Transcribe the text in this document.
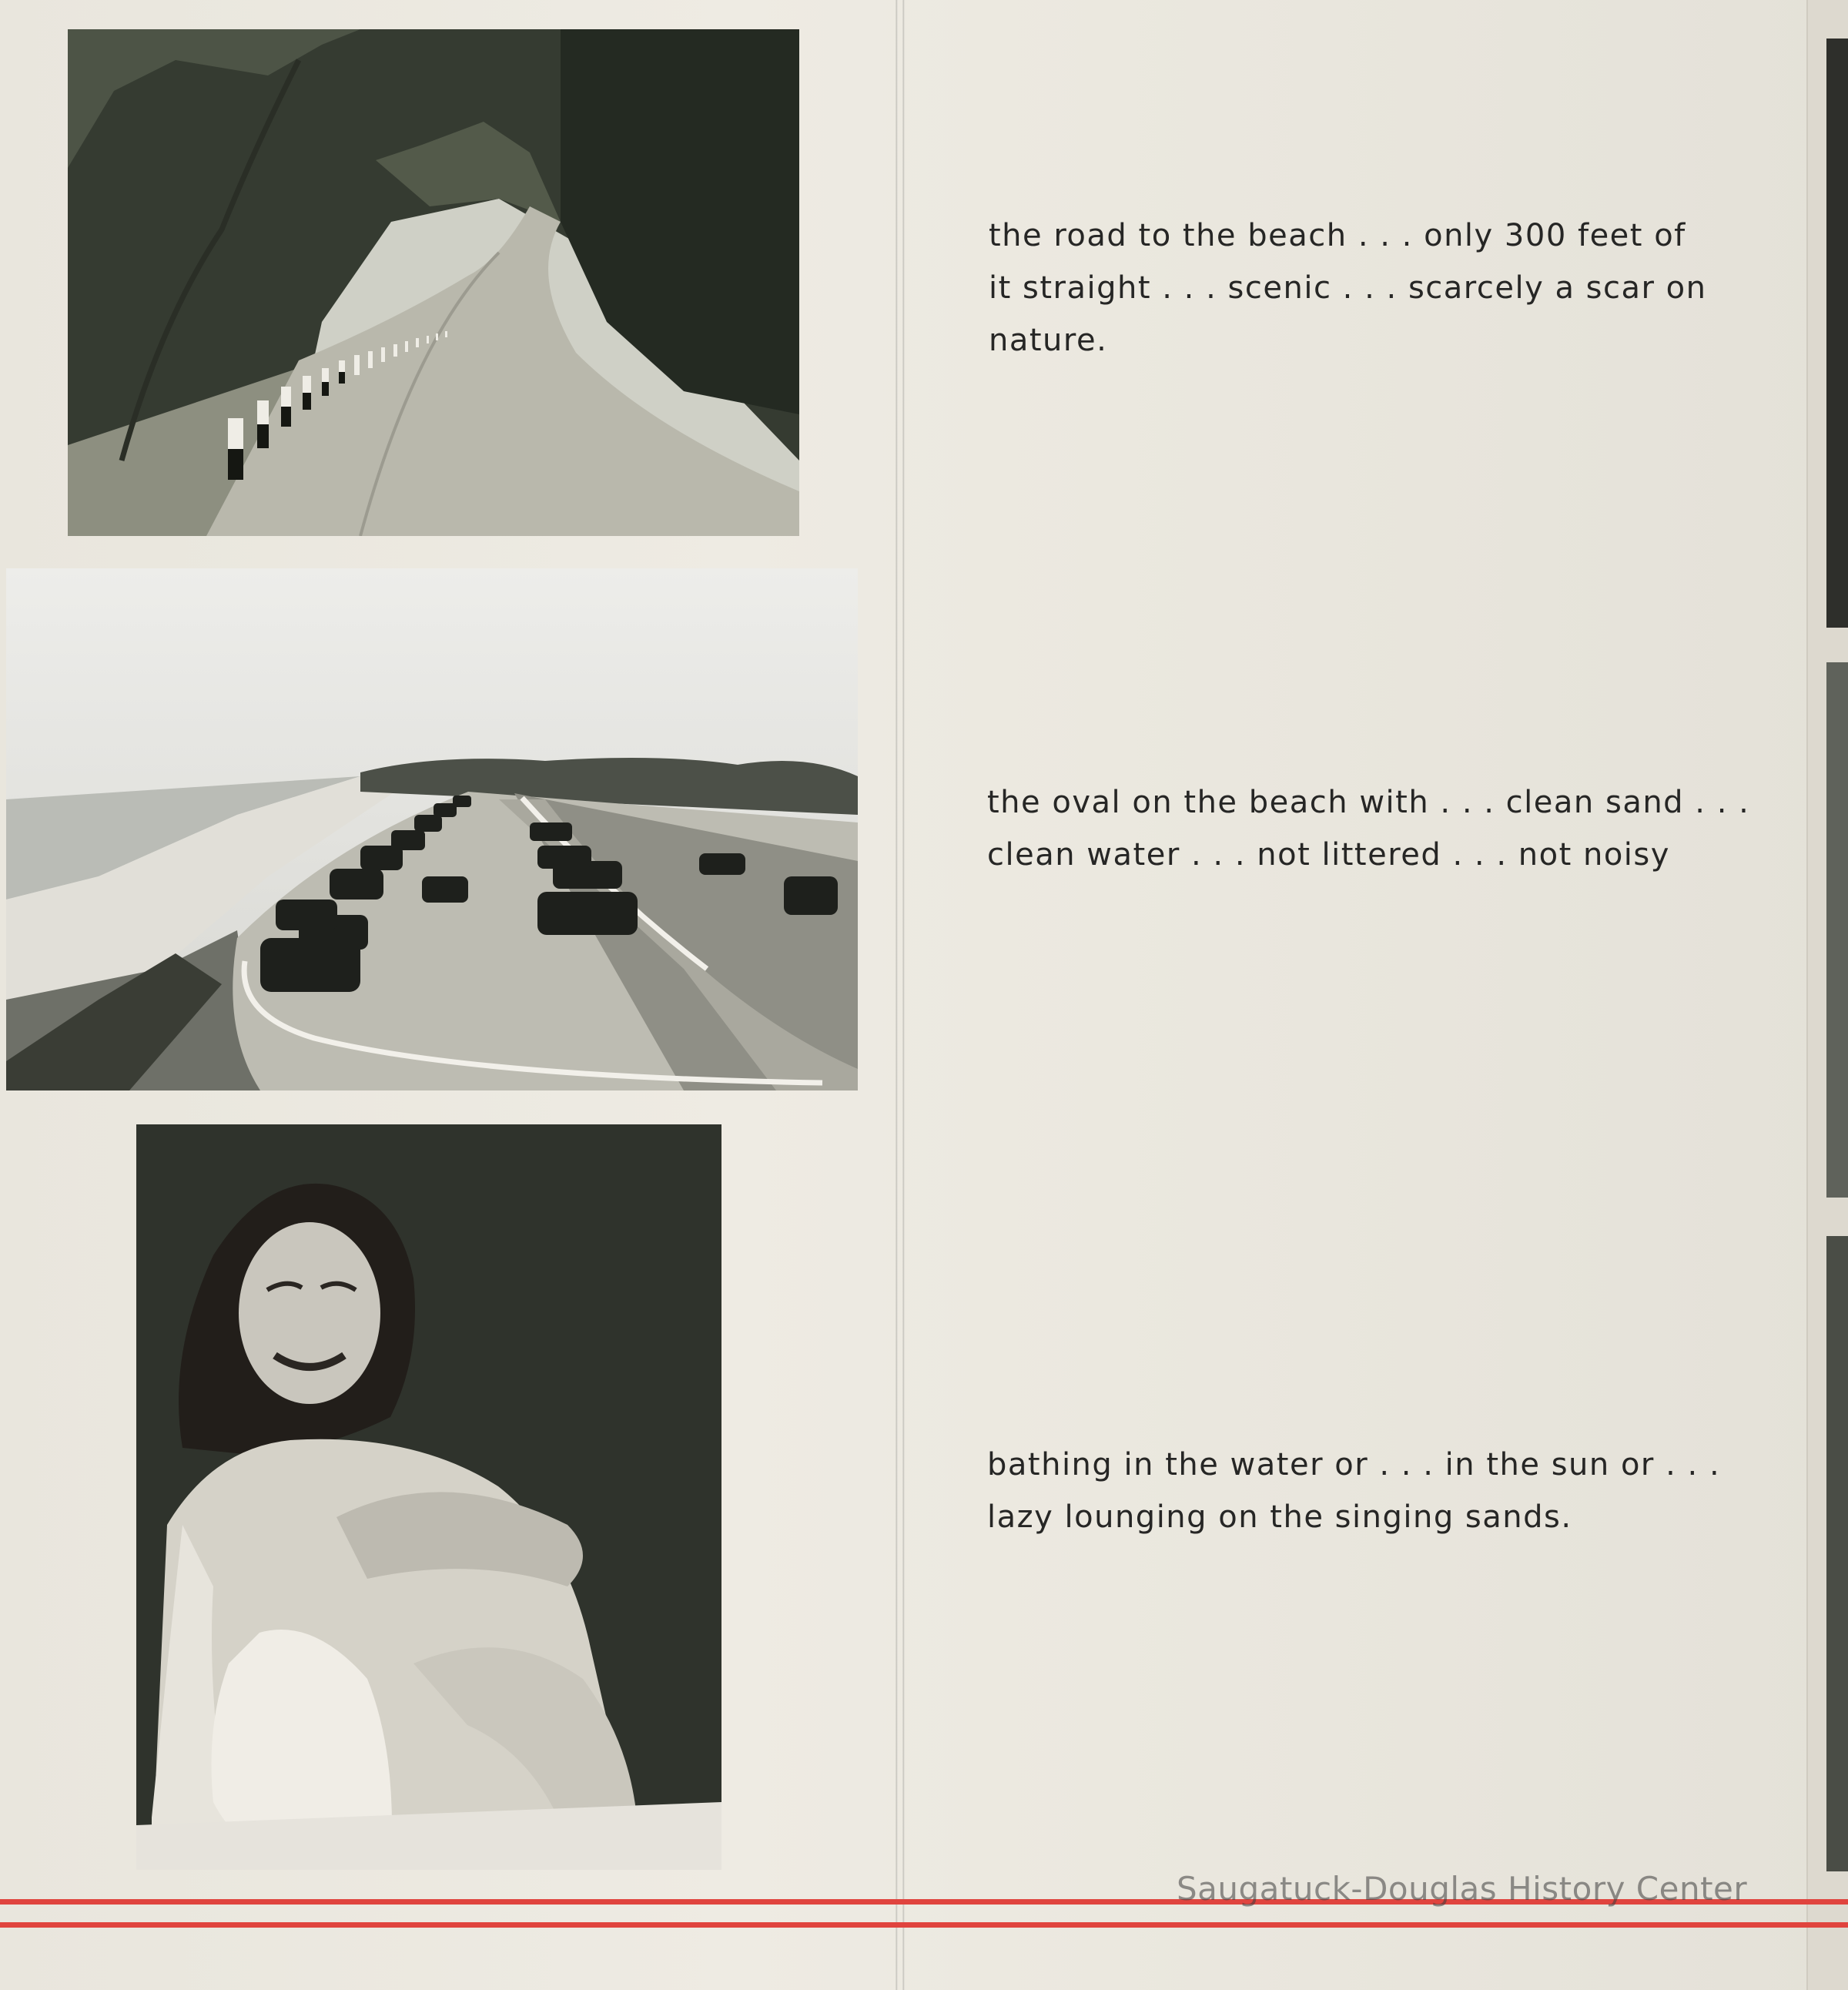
the road to the beach . . . only 300 feet of
it straight . . . scenic . . . scarcely a scar on
nature.

the oval on the beach with . . . clean sand . . .
clean water . . . not littered . . . not noisy

bathing in the water or . . . in the sun or . . .
lazy lounging on the singing sands.

Saugatuck-Douglas History Center
